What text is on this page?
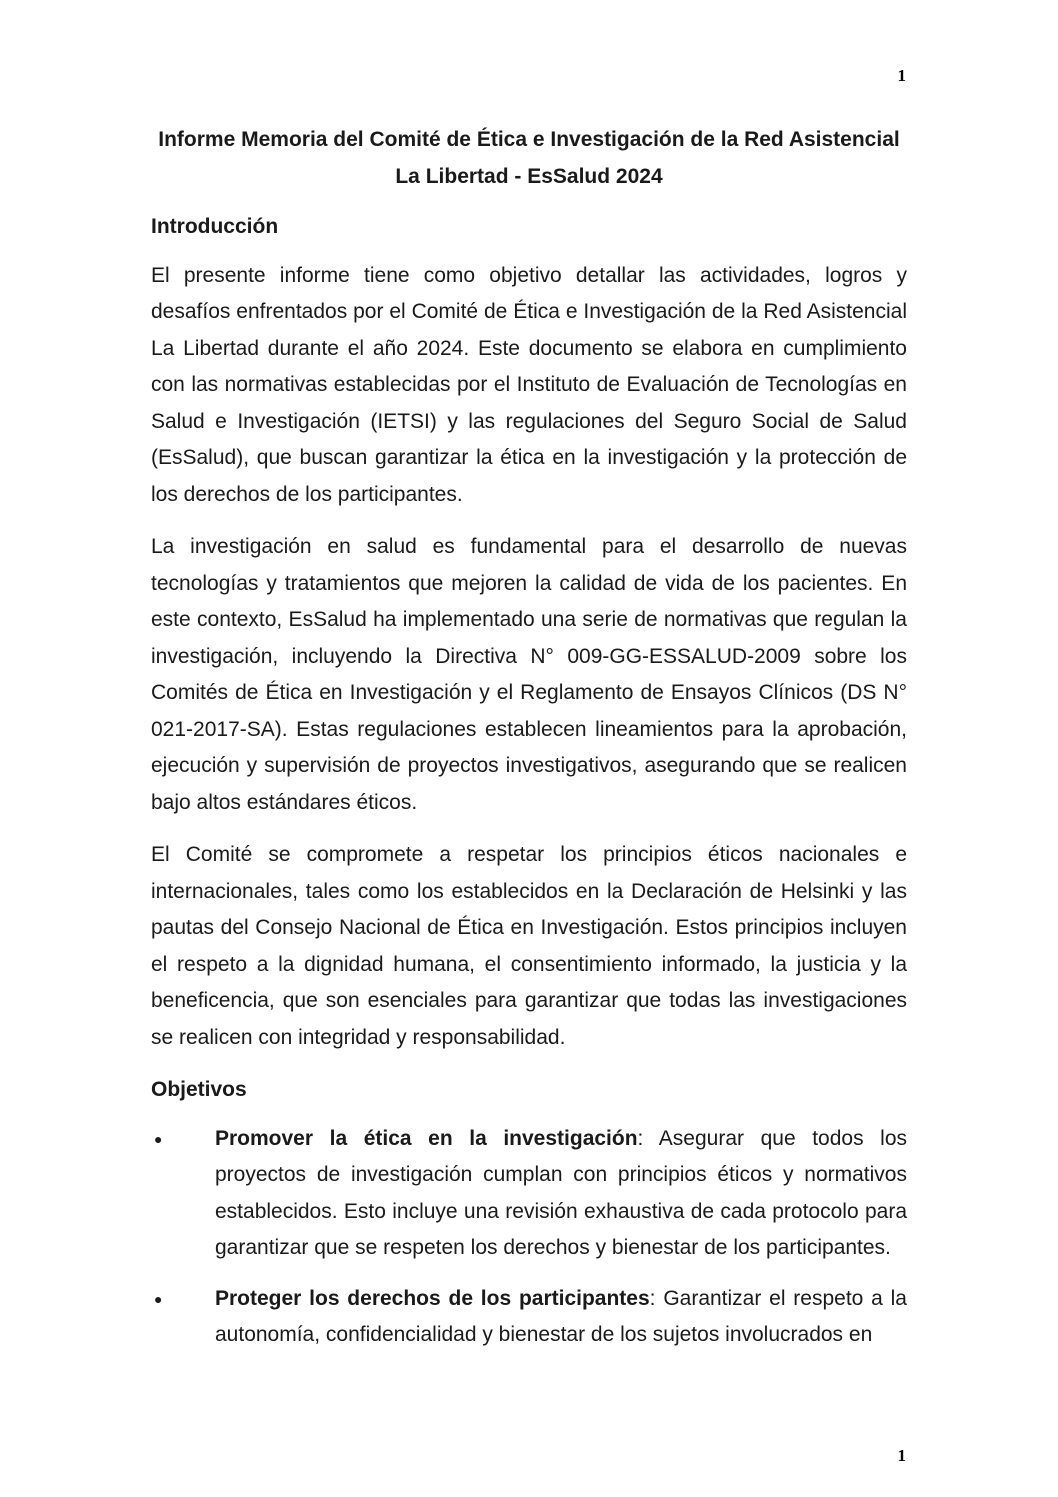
1
Informe Memoria del Comité de Ética e Investigación de la Red Asistencial
La Libertad - EsSalud 2024
Introducción

El presente informe tiene como objetivo detallar las actividades, logros y desafíos enfrentados por el Comité de Ética e Investigación de la Red Asistencial La Libertad durante el año 2024. Este documento se elabora en cumplimiento con las normativas establecidas por el Instituto de Evaluación de Tecnologías en Salud e Investigación (IETSI) y las regulaciones del Seguro Social de Salud (EsSalud), que buscan garantizar la ética en la investigación y la protección de los derechos de los participantes.

La investigación en salud es fundamental para el desarrollo de nuevas tecnologías y tratamientos que mejoren la calidad de vida de los pacientes. En este contexto, EsSalud ha implementado una serie de normativas que regulan la investigación, incluyendo la Directiva N° 009-GG-ESSALUD-2009 sobre los Comités de Ética en Investigación y el Reglamento de Ensayos Clínicos (DS N° 021-2017-SA). Estas regulaciones establecen lineamientos para la aprobación, ejecución y supervisión de proyectos investigativos, asegurando que se realicen bajo altos estándares éticos.

El Comité se compromete a respetar los principios éticos nacionales e internacionales, tales como los establecidos en la Declaración de Helsinki y las pautas del Consejo Nacional de Ética en Investigación. Estos principios incluyen el respeto a la dignidad humana, el consentimiento informado, la justicia y la beneficencia, que son esenciales para garantizar que todas las investigaciones se realicen con integridad y responsabilidad.

Objetivos
●	Promover la ética en la investigación: Asegurar que todos los proyectos de investigación cumplan con principios éticos y normativos establecidos. Esto incluye una revisión exhaustiva de cada protocolo para garantizar que se respeten los derechos y bienestar de los participantes.
●	Proteger los derechos de los participantes: Garantizar el respeto a la autonomía, confidencialidad y bienestar de los sujetos involucrados en
1
